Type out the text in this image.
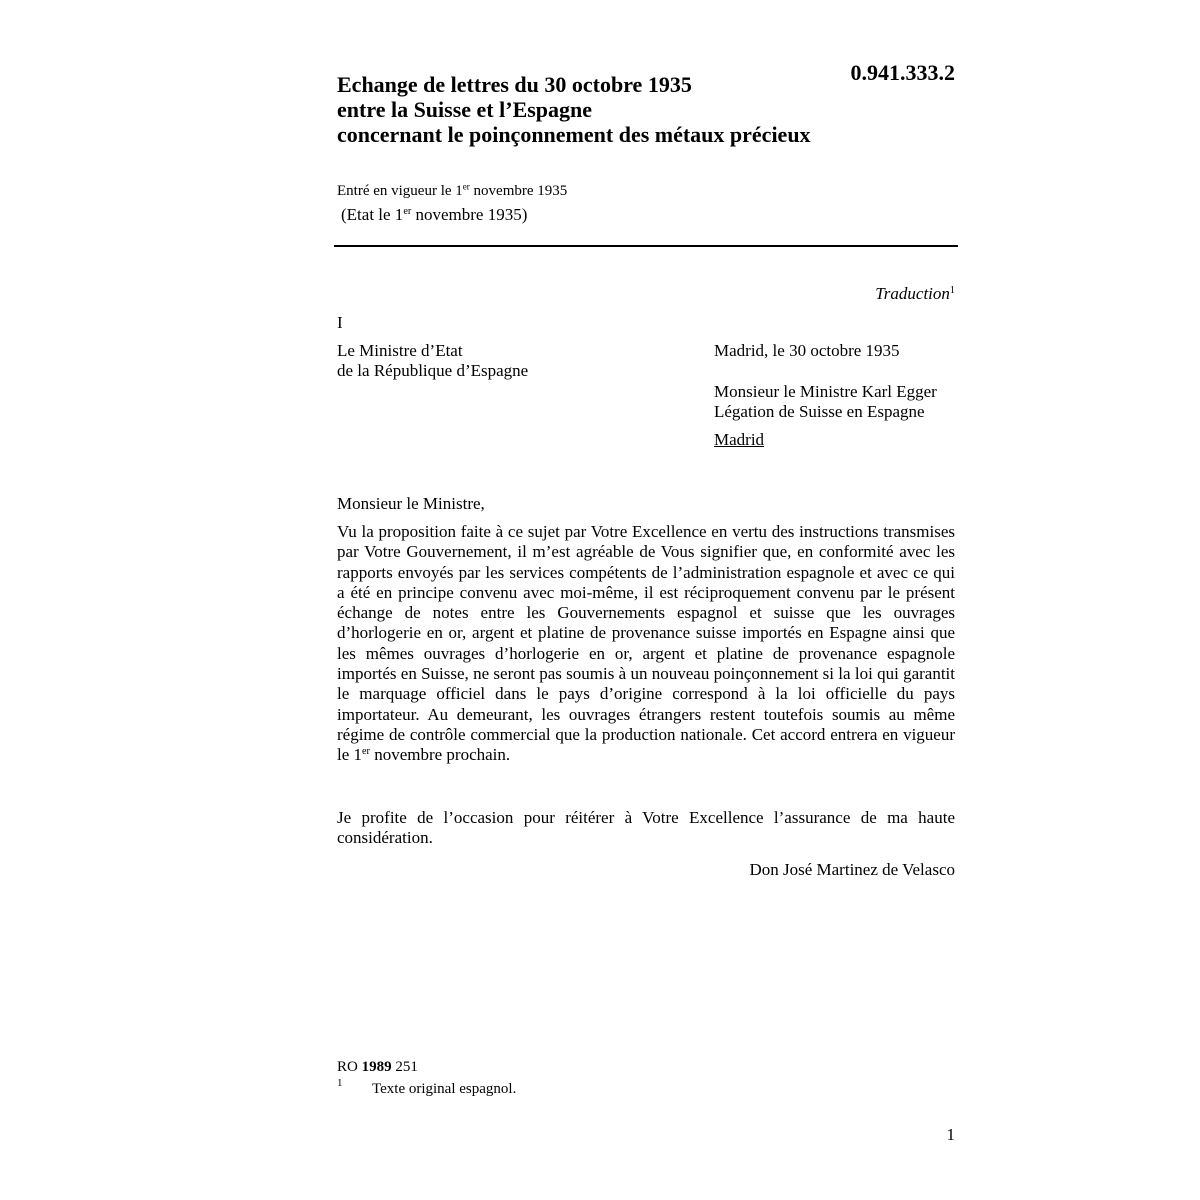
0.941.333.2
Echange de lettres du 30 octobre 1935
entre la Suisse et l’Espagne
concernant le poinçonnement des métaux précieux
Entré en vigueur le 1er novembre 1935
(Etat le 1er novembre 1935)
Traduction$^1$
I
Le Ministre d’Etat
de la République d’Espagne
Madrid, le 30 octobre 1935
Monsieur le Ministre Karl Egger
Légation de Suisse en Espagne
Madrid
Monsieur le Ministre,
Vu la proposition faite à ce sujet par Votre Excellence en vertu des instructions transmises par Votre Gouvernement, il m’est agréable de Vous signifier que, en conformité avec les rapports envoyés par les services compétents de l’administration espagnole et avec ce qui a été en principe convenu avec moi-même, il est réciproquement convenu par le présent échange de notes entre les Gouvernements espagnol et suisse que les ouvrages d’horlogerie en or, argent et platine de provenance suisse importés en Espagne ainsi que les mêmes ouvrages d’horlogerie en or, argent et platine de provenance espagnole importés en Suisse, ne seront pas soumis à un nouveau poinçonnement si la loi qui garantit le marquage officiel dans le pays d’origine correspond à la loi officielle du pays importateur. Au demeurant, les ouvrages étrangers restent toutefois soumis au même régime de contrôle commercial que la production nationale. Cet accord entrera en vigueur le 1er novembre prochain.
Je profite de l’occasion pour réitérer à Votre Excellence l’assurance de ma haute considération.
Don José Martinez de Velasco
RO 1989 251
1 Texte original espagnol.
1
